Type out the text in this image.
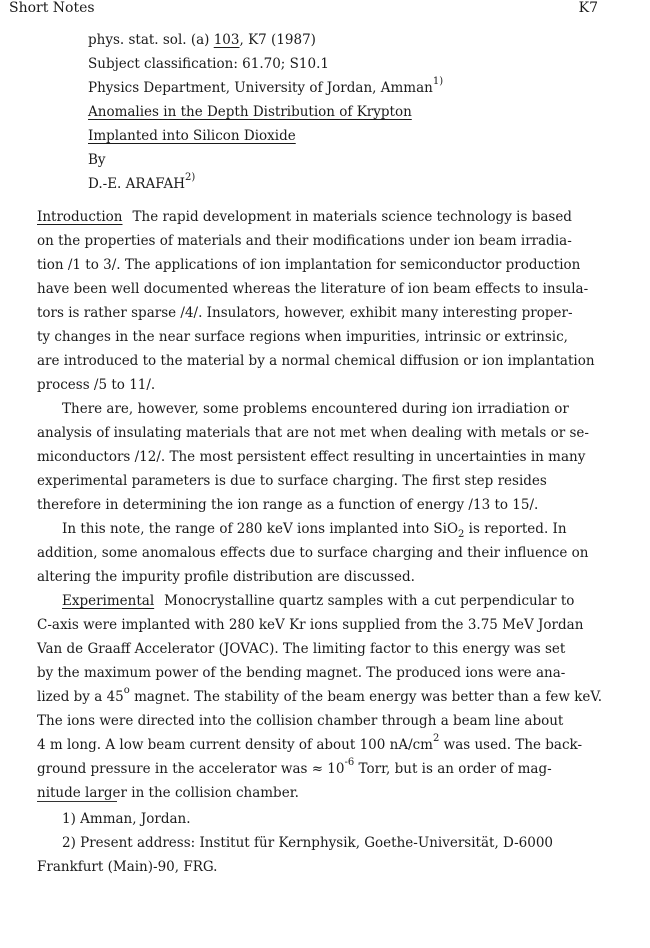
Short Notes	K7
phys. stat. sol. (a) 103, K7 (1987)
Subject classification: 61.70; S10.1
Physics Department, University of Jordan, Amman$^{1)}$
Anomalies in the Depth Distribution of Krypton
Implanted into Silicon Dioxide
By
D.-E. ARAFAH$^{2)}$
Introduction The rapid development in materials science technology is based
on the properties of materials and their modifications under ion beam irradia-
tion /1 to 3/. The applications of ion implantation for semiconductor production
have been well documented whereas the literature of ion beam effects to insula-
tors is rather sparse /4/. Insulators, however, exhibit many interesting proper-
ty changes in the near surface regions when impurities, intrinsic or extrinsic,
are introduced to the material by a normal chemical diffusion or ion implantation
process /5 to 11/.
There are, however, some problems encountered during ion irradiation or
analysis of insulating materials that are not met when dealing with metals or se-
miconductors /12/. The most persistent effect resulting in uncertainties in many
experimental parameters is due to surface charging. The first step resides
therefore in determining the ion range as a function of energy /13 to 15/.
In this note, the range of 280 keV ions implanted into SiO$_2$ is reported. In
addition, some anomalous effects due to surface charging and their influence on
altering the impurity profile distribution are discussed.
Experimental Monocrystalline quartz samples with a cut perpendicular to
C-axis were implanted with 280 keV Kr ions supplied from the 3.75 MeV Jordan
Van de Graaff Accelerator (JOVAC). The limiting factor to this energy was set
by the maximum power of the bending magnet. The produced ions were ana-
lized by a 45$^o$ magnet. The stability of the beam energy was better than a few keV.
The ions were directed into the collision chamber through a beam line about
4 m long. A low beam current density of about 100 $nA/cm^2$ was used. The back-
ground pressure in the accelerator was ≈ $10^{-6}$ Torr, but is an order of mag-
nitude larger in the collision chamber.
1) Amman, Jordan.
2) Present address: Institut für Kernphysik, Goethe-Universität, D-6000
Frankfurt (Main)-90, FRG.
